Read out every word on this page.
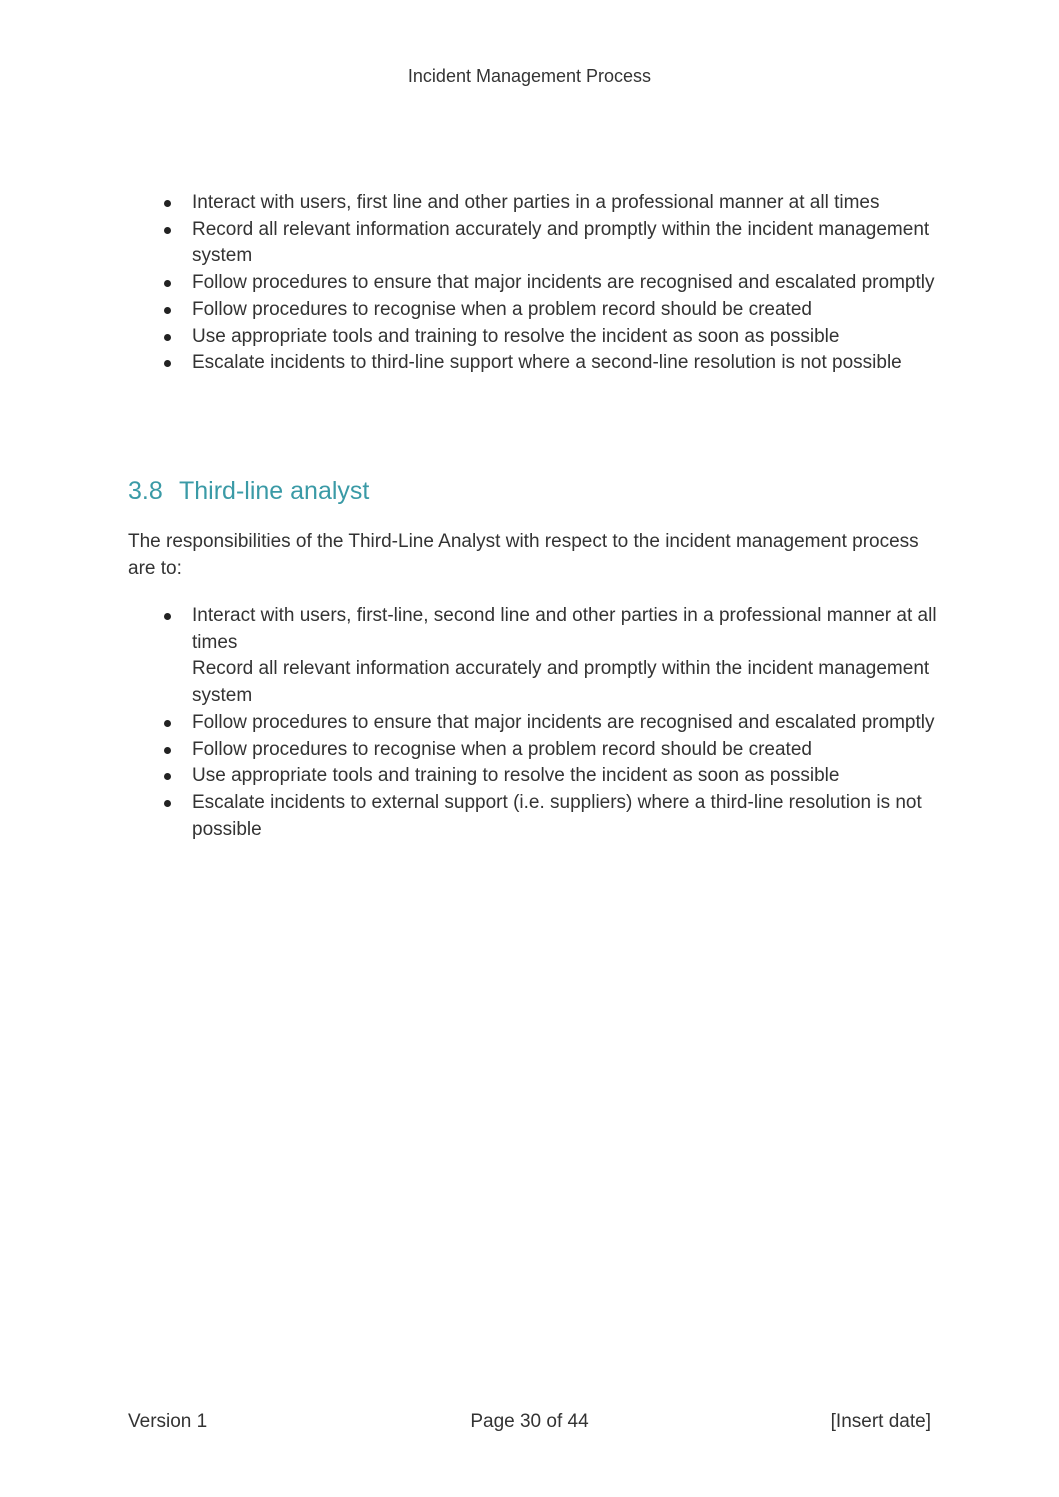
Incident Management Process
Interact with users, first line and other parties in a professional manner at all times
Record all relevant information accurately and promptly within the incident management system
Follow procedures to ensure that major incidents are recognised and escalated promptly
Follow procedures to recognise when a problem record should be created
Use appropriate tools and training to resolve the incident as soon as possible
Escalate incidents to third-line support where a second-line resolution is not possible
3.8 Third-line analyst

The responsibilities of the Third-Line Analyst with respect to the incident management process are to:

Interact with users, first-line, second line and other parties in a professional manner at all times
Record all relevant information accurately and promptly within the incident management system
Follow procedures to ensure that major incidents are recognised and escalated promptly
Follow procedures to recognise when a problem record should be created
Use appropriate tools and training to resolve the incident as soon as possible
Escalate incidents to external support (i.e. suppliers) where a third-line resolution is not possible
Version 1	Page 30 of 44	[Insert date]
